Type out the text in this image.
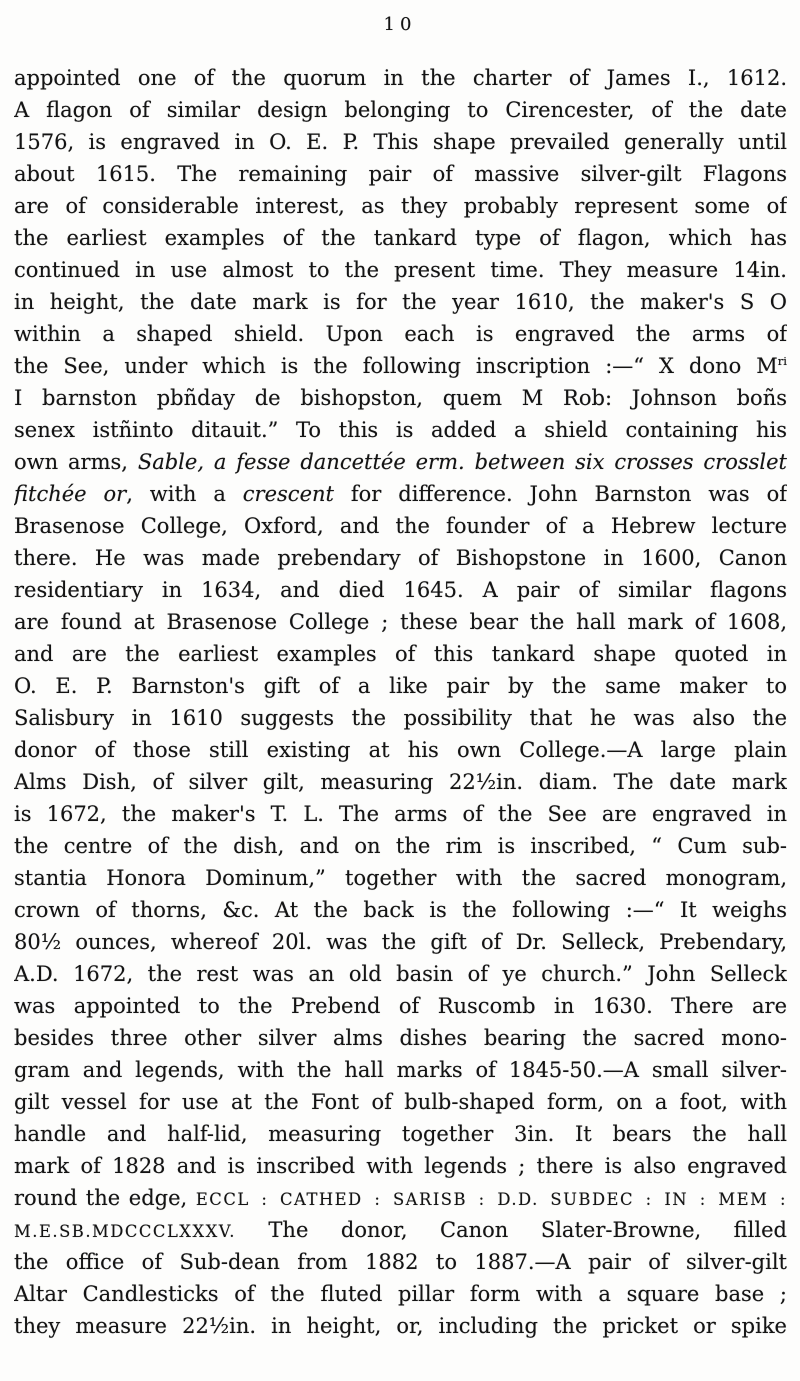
10
appointed one of the quorum in the charter of James I., 1612.
A flagon of similar design belonging to Cirencester, of the date
1576, is engraved in O. E. P. This shape prevailed generally until
about 1615. The remaining pair of massive silver-gilt Flagons
are of considerable interest, as they probably represent some of
the earliest examples of the tankard type of flagon, which has
continued in use almost to the present time. They measure 14in.
in height, the date mark is for the year 1610, the maker's S O
within a shaped shield. Upon each is engraved the arms of
the See, under which is the following inscription :—“ X dono $M^{ri}$
I barnston pbñday de bishopston, quem M Rob: Johnson boñs
senex istñinto ditauit.” To this is added a shield containing his
own arms, Sable, a fesse dancettée erm. between six crosses crosslet
fitchée or, with a crescent for difference. John Barnston was of
Brasenose College, Oxford, and the founder of a Hebrew lecture
there. He was made prebendary of Bishopstone in 1600, Canon
residentiary in 1634, and died 1645. A pair of similar flagons
are found at Brasenose College ; these bear the hall mark of 1608,
and are the earliest examples of this tankard shape quoted in
O. E. P. Barnston's gift of a like pair by the same maker to
Salisbury in 1610 suggests the possibility that he was also the
donor of those still existing at his own College.—A large plain
Alms Dish, of silver gilt, measuring 22½in. diam. The date mark
is 1672, the maker's T. L. The arms of the See are engraved in
the centre of the dish, and on the rim is inscribed, “ Cum sub-
stantia Honora Dominum,” together with the sacred monogram,
crown of thorns, &c. At the back is the following :—“ It weighs
80½ ounces, whereof 20l. was the gift of Dr. Selleck, Prebendary,
A.D. 1672, the rest was an old basin of ye church.” John Selleck
was appointed to the Prebend of Ruscomb in 1630. There are
besides three other silver alms dishes bearing the sacred mono-
gram and legends, with the hall marks of 1845-50.—A small silver-
gilt vessel for use at the Font of bulb-shaped form, on a foot, with
handle and half-lid, measuring together 3in. It bears the hall
mark of 1828 and is inscribed with legends ; there is also engraved
round the edge, ECCL : CATHED : SARISB : D.D. SUBDEC : IN : MEM :
M.E.SB.MDCCCLXXXV. The donor, Canon Slater-Browne, filled
the office of Sub-dean from 1882 to 1887.—A pair of silver-gilt
Altar Candlesticks of the fluted pillar form with a square base ;
they measure 22½in. in height, or, including the pricket or spike
